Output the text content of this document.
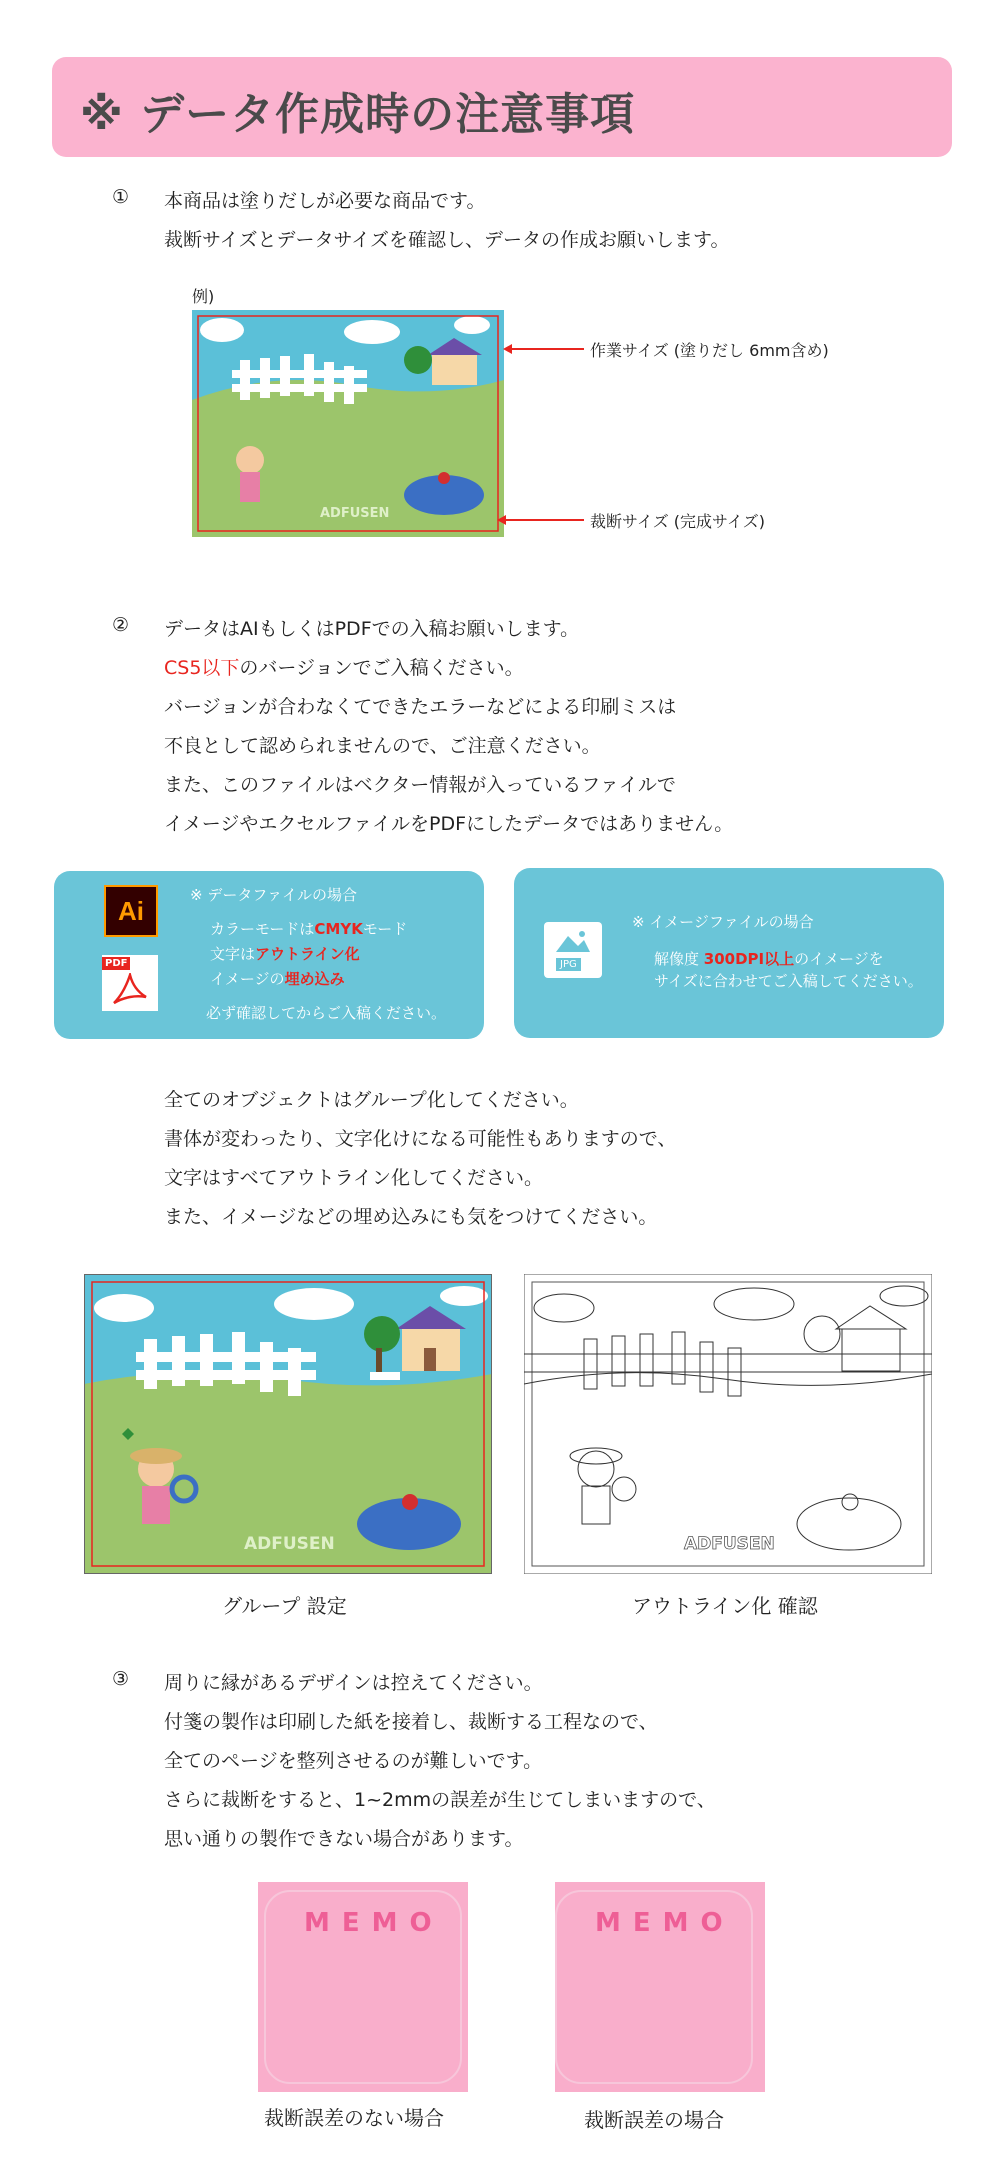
※ データ作成時の注意事項
① 本商品は塗りだしが必要な商品です。
裁断サイズとデータサイズを確認し、データの作成お願いします。
例)
ADFUSEN
作業サイズ (塗りだし 6mm含め)
裁断サイズ (完成サイズ)
② データはAIもしくはPDFでの入稿お願いします。
CS5以下のバージョンでご入稿ください。
バージョンが合わなくてできたエラーなどによる印刷ミスは
不良として認められませんので、ご注意ください。
また、このファイルはベクター情報が入っているファイルで
イメージやエクセルファイルをPDFにしたデータではありません。
Ai
PDF
※ データファイルの場合
カラーモードはCMYKモード
文字はアウトライン化
イメージの埋め込み
必ず確認してからご入稿ください。
JPG
※ イメージファイルの場合
解像度 300DPI以上のイメージを
サイズに合わせてご入稿してください。
全てのオブジェクトはグループ化してください。
書体が変わったり、文字化けになる可能性もありますので、
文字はすべてアウトライン化してください。
また、イメージなどの埋め込みにも気をつけてください。
ADFUSEN	ADFUSEN
グループ 設定	アウトライン化 確認
③ 周りに縁があるデザインは控えてください。
付箋の製作は印刷した紙を接着し、裁断する工程なので、
全てのページを整列させるのが難しいです。
さらに裁断をすると、1~2mmの誤差が生じてしまいますので、
思い通りの製作できない場合があります。
MEMO	MEMO
裁断誤差のない場合	裁断誤差の場合
